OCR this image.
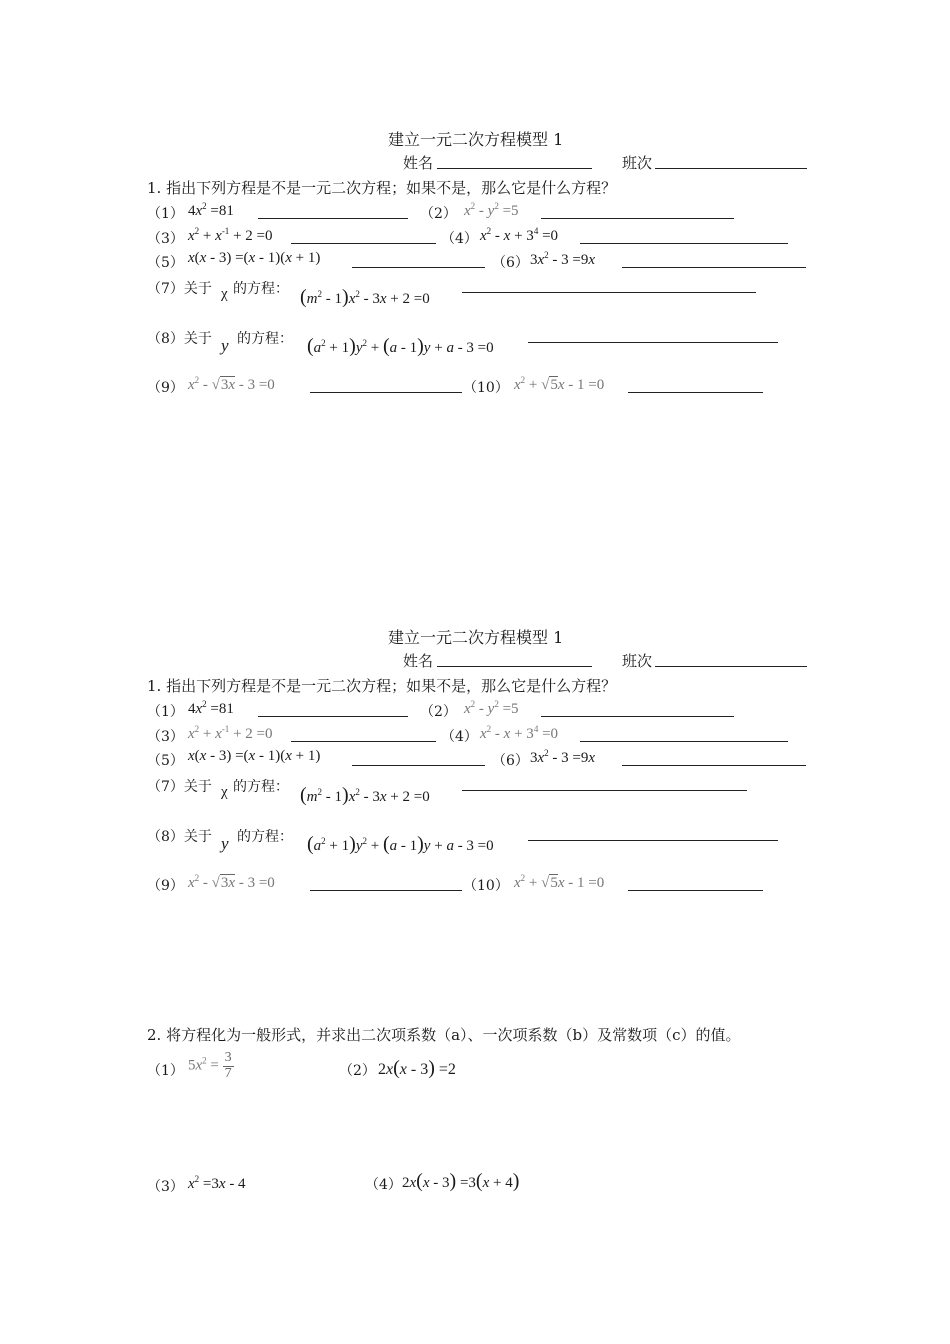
建立一元二次方程模型 1
姓名	班次
1. 指出下列方程是不是一元二次方程；如果不是，那么它是什么方程？
（1） $4x^2 =81$	（2） $x^2 - y^2 =5$
（3） $x^2 + x^{-1} + 2 =0$	（4） $x^2 - x + 3^4 =0$
（5） x(x - 3) =(x - 1)(x + 1)	（6） $3x^2 - 3 =9x$
（7）关于 χ 的方程： $(m^2 - 1)x^2 - 3x + 2 =0$
（8）关于 y 的方程： $(a^2 + 1)y^2 + (a - 1)y + a - 3 =0$
（9） $x^2 - √3x - 3 =0$	（10） $x^2 + √5x - 1 =0$
建立一元二次方程模型 1
姓名	班次
1. 指出下列方程是不是一元二次方程；如果不是，那么它是什么方程？
（1） $4x^2 =81$	（2） $x^2 - y^2 =5$
（3） $x^2 + x^{-1} + 2 =0$	（4） $x^2 - x + 3^4 =0$
（5） x(x - 3) =(x - 1)(x + 1)	（6） $3x^2 - 3 =9x$
（7）关于 χ 的方程： $(m^2 - 1)x^2 - 3x + 2 =0$
（8）关于 y 的方程： $(a^2 + 1)y^2 + (a - 1)y + a - 3 =0$
（9） $x^2 - √3x - 3 =0$	（10） $x^2 + √5x - 1 =0$
2. 将方程化为一般形式，并求出二次项系数（a）、一次项系数（b）及常数项（c）的值。
（1） $5x^2 = \frac{3}{7}$	（2） 2x(x - 3) =2
（3） $x^2 =3x - 4$	（4） 2x(x - 3) =3(x + 4)
